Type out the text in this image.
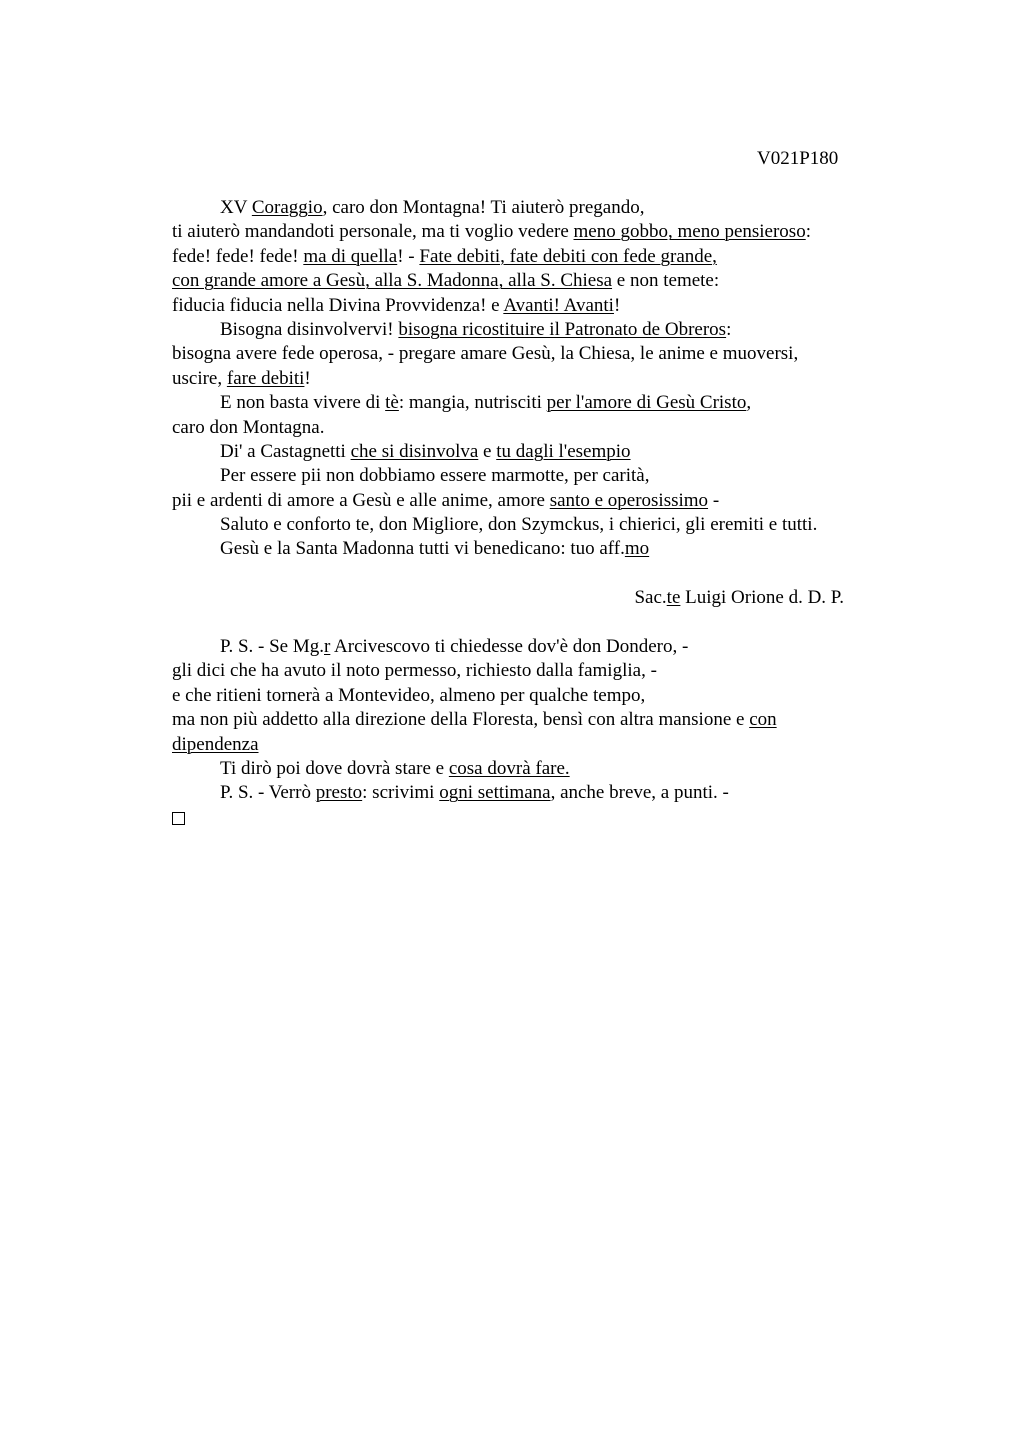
V021P180
XV Coraggio, caro don Montagna! Ti aiuterò pregando,
ti aiuterò mandandoti personale, ma ti voglio vedere meno gobbo, meno pensieroso:
fede! fede! fede! ma di quella! - Fate debiti, fate debiti con fede grande,
con grande amore a Gesù, alla S. Madonna, alla S. Chiesa e non temete:
fiducia fiducia nella Divina Provvidenza! e Avanti! Avanti!
Bisogna disinvolvervi! bisogna ricostituire il Patronato de Obreros:
bisogna avere fede operosa, - pregare amare Gesù, la Chiesa, le anime e muoversi,
uscire, fare debiti!
E non basta vivere di tè: mangia, nutrisciti per l'amore di Gesù Cristo,
caro don Montagna.
Di' a Castagnetti che si disinvolva e tu dagli l'esempio
Per essere pii non dobbiamo essere marmotte, per carità,
pii e ardenti di amore a Gesù e alle anime, amore santo e operosissimo -
Saluto e conforto te, don Migliore, don Szymckus, i chierici, gli eremiti e tutti.
Gesù e la Santa Madonna tutti vi benedicano: tuo aff.mo
Sac.te Luigi Orione d. D. P.
P. S. - Se Mg.r Arcivescovo ti chiedesse dov'è don Dondero, -
gli dici che ha avuto il noto permesso, richiesto dalla famiglia, -
e che ritieni tornerà a Montevideo, almeno per qualche tempo,
ma non più addetto alla direzione della Floresta, bensì con altra mansione e con
dipendenza
Ti dirò poi dove dovrà stare e cosa dovrà fare.
P. S. - Verrò presto: scrivimi ogni settimana, anche breve, a punti. -
